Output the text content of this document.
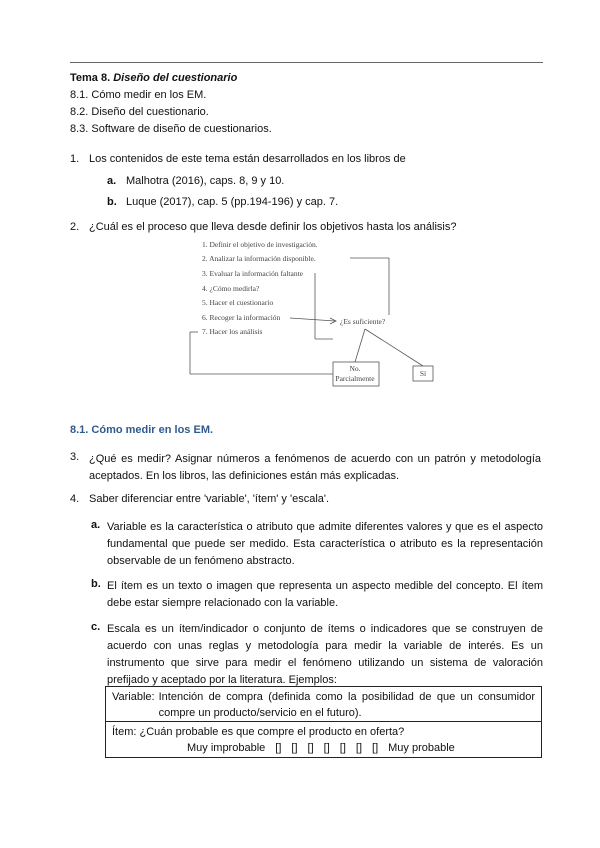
Tema 8. Diseño del cuestionario
8.1. Cómo medir en los EM.
8.2. Diseño del cuestionario.
8.3. Software de diseño de cuestionarios.
1. Los contenidos de este tema están desarrollados en los libros de
a. Malhotra (2016), caps. 8, 9 y 10.
b. Luque (2017), cap. 5 (pp.194-196) y cap. 7.
2. ¿Cuál es el proceso que lleva desde definir los objetivos hasta los análisis?
1. Definir el objetivo de investigación.
2. Analizar la información disponible.
3. Evaluar la información faltante
4. ¿Cómo medirla?
5. Hacer el cuestionario
6. Recoger la información
7. Hacer los análisis
¿Es suficiente?
No.
Parcialmente
Sí
8.1. Cómo medir en los EM.
3. ¿Qué es medir? Asignar números a fenómenos de acuerdo con un patrón y metodología aceptados. En los libros, las definiciones están más explicadas.
4. Saber diferenciar entre 'variable', 'ítem' y 'escala'.
a. Variable es la característica o atributo que admite diferentes valores y que es el aspecto fundamental que puede ser medido. Esta característica o atributo es la representación observable de un fenómeno abstracto.
b. El ítem es un texto o imagen que representa un aspecto medible del concepto. El ítem debe estar siempre relacionado con la variable.
c. Escala es un ítem/indicador o conjunto de ítems o indicadores que se construyen de acuerdo con unas reglas y metodología para medir la variable de interés. Es un instrumento que sirve para medir el fenómeno utilizando un sistema de valoración prefijado y aceptado por la literatura. Ejemplos:
Variable: Intención de compra (definida como la posibilidad de que un consumidor compre un producto/servicio en el futuro).
Ítem: ¿Cuán probable es que compre el producto en oferta?
Muy improbable [] [] [] [] [] [] [] Muy probable
